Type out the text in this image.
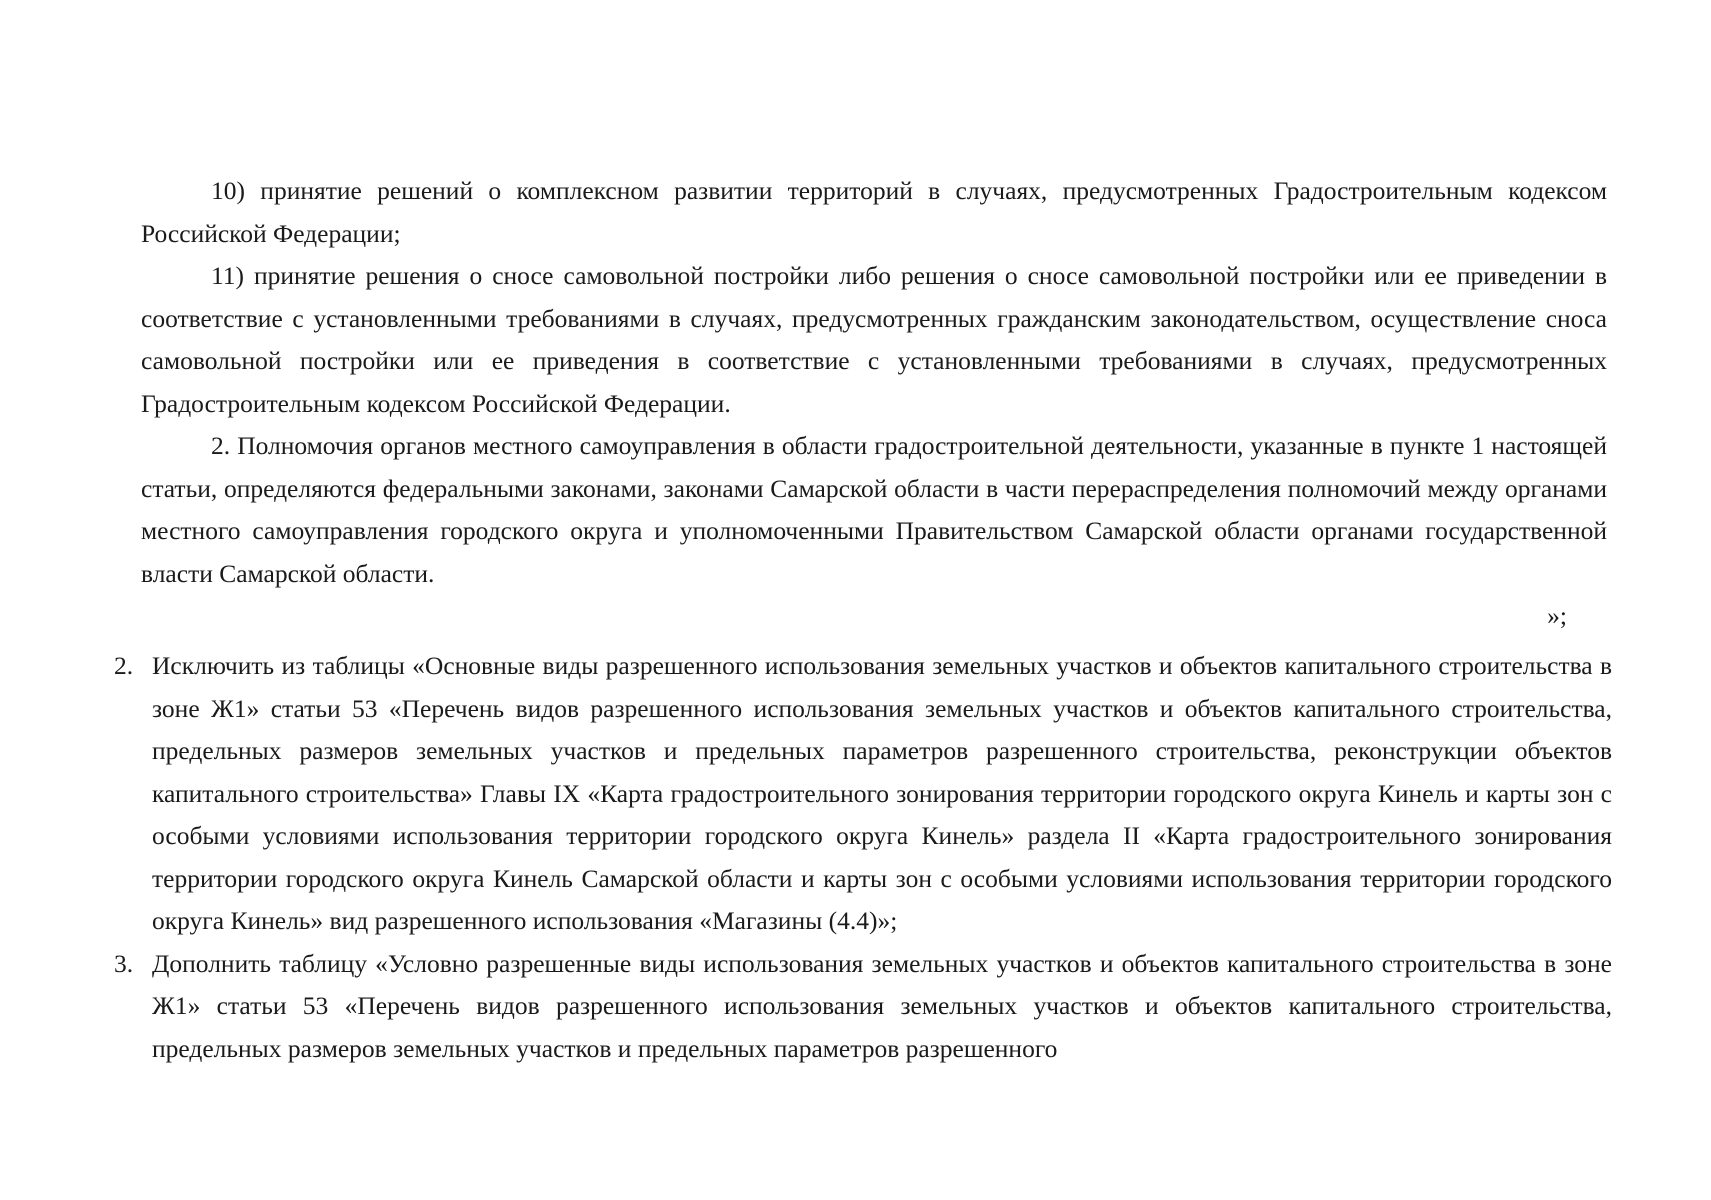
10) принятие решений о комплексном развитии территорий в случаях, предусмотренных Градостроительным кодексом Российской Федерации;

11) принятие решения о сносе самовольной постройки либо решения о сносе самовольной постройки или ее приведении в соответствие с установленными требованиями в случаях, предусмотренных гражданским законодательством, осуществление сноса самовольной постройки или ее приведения в соответствие с установленными требованиями в случаях, предусмотренных Градостроительным кодексом Российской Федерации.

2. Полномочия органов местного самоуправления в области градостроительной деятельности, указанные в пункте 1 настоящей статьи, определяются федеральными законами, законами Самарской области в части перераспределения полномочий между органами местного самоуправления городского округа и уполномоченными Правительством Самарской области органами государственной власти Самарской области.

»;

2. Исключить из таблицы «Основные виды разрешенного использования земельных участков и объектов капитального строительства в зоне Ж1» статьи 53 «Перечень видов разрешенного использования земельных участков и объектов капитального строительства, предельных размеров земельных участков и предельных параметров разрешенного строительства, реконструкции объектов капитального строительства» Главы IX «Карта градостроительного зонирования территории городского округа Кинель и карты зон с особыми условиями использования территории городского округа Кинель» раздела II «Карта градостроительного зонирования территории городского округа Кинель Самарской области и карты зон с особыми условиями использования территории городского округа Кинель» вид разрешенного использования «Магазины (4.4)»;
3. Дополнить таблицу «Условно разрешенные виды использования земельных участков и объектов капитального строительства в зоне Ж1» статьи 53 «Перечень видов разрешенного использования земельных участков и объектов капитального строительства, предельных размеров земельных участков и предельных параметров разрешенного
